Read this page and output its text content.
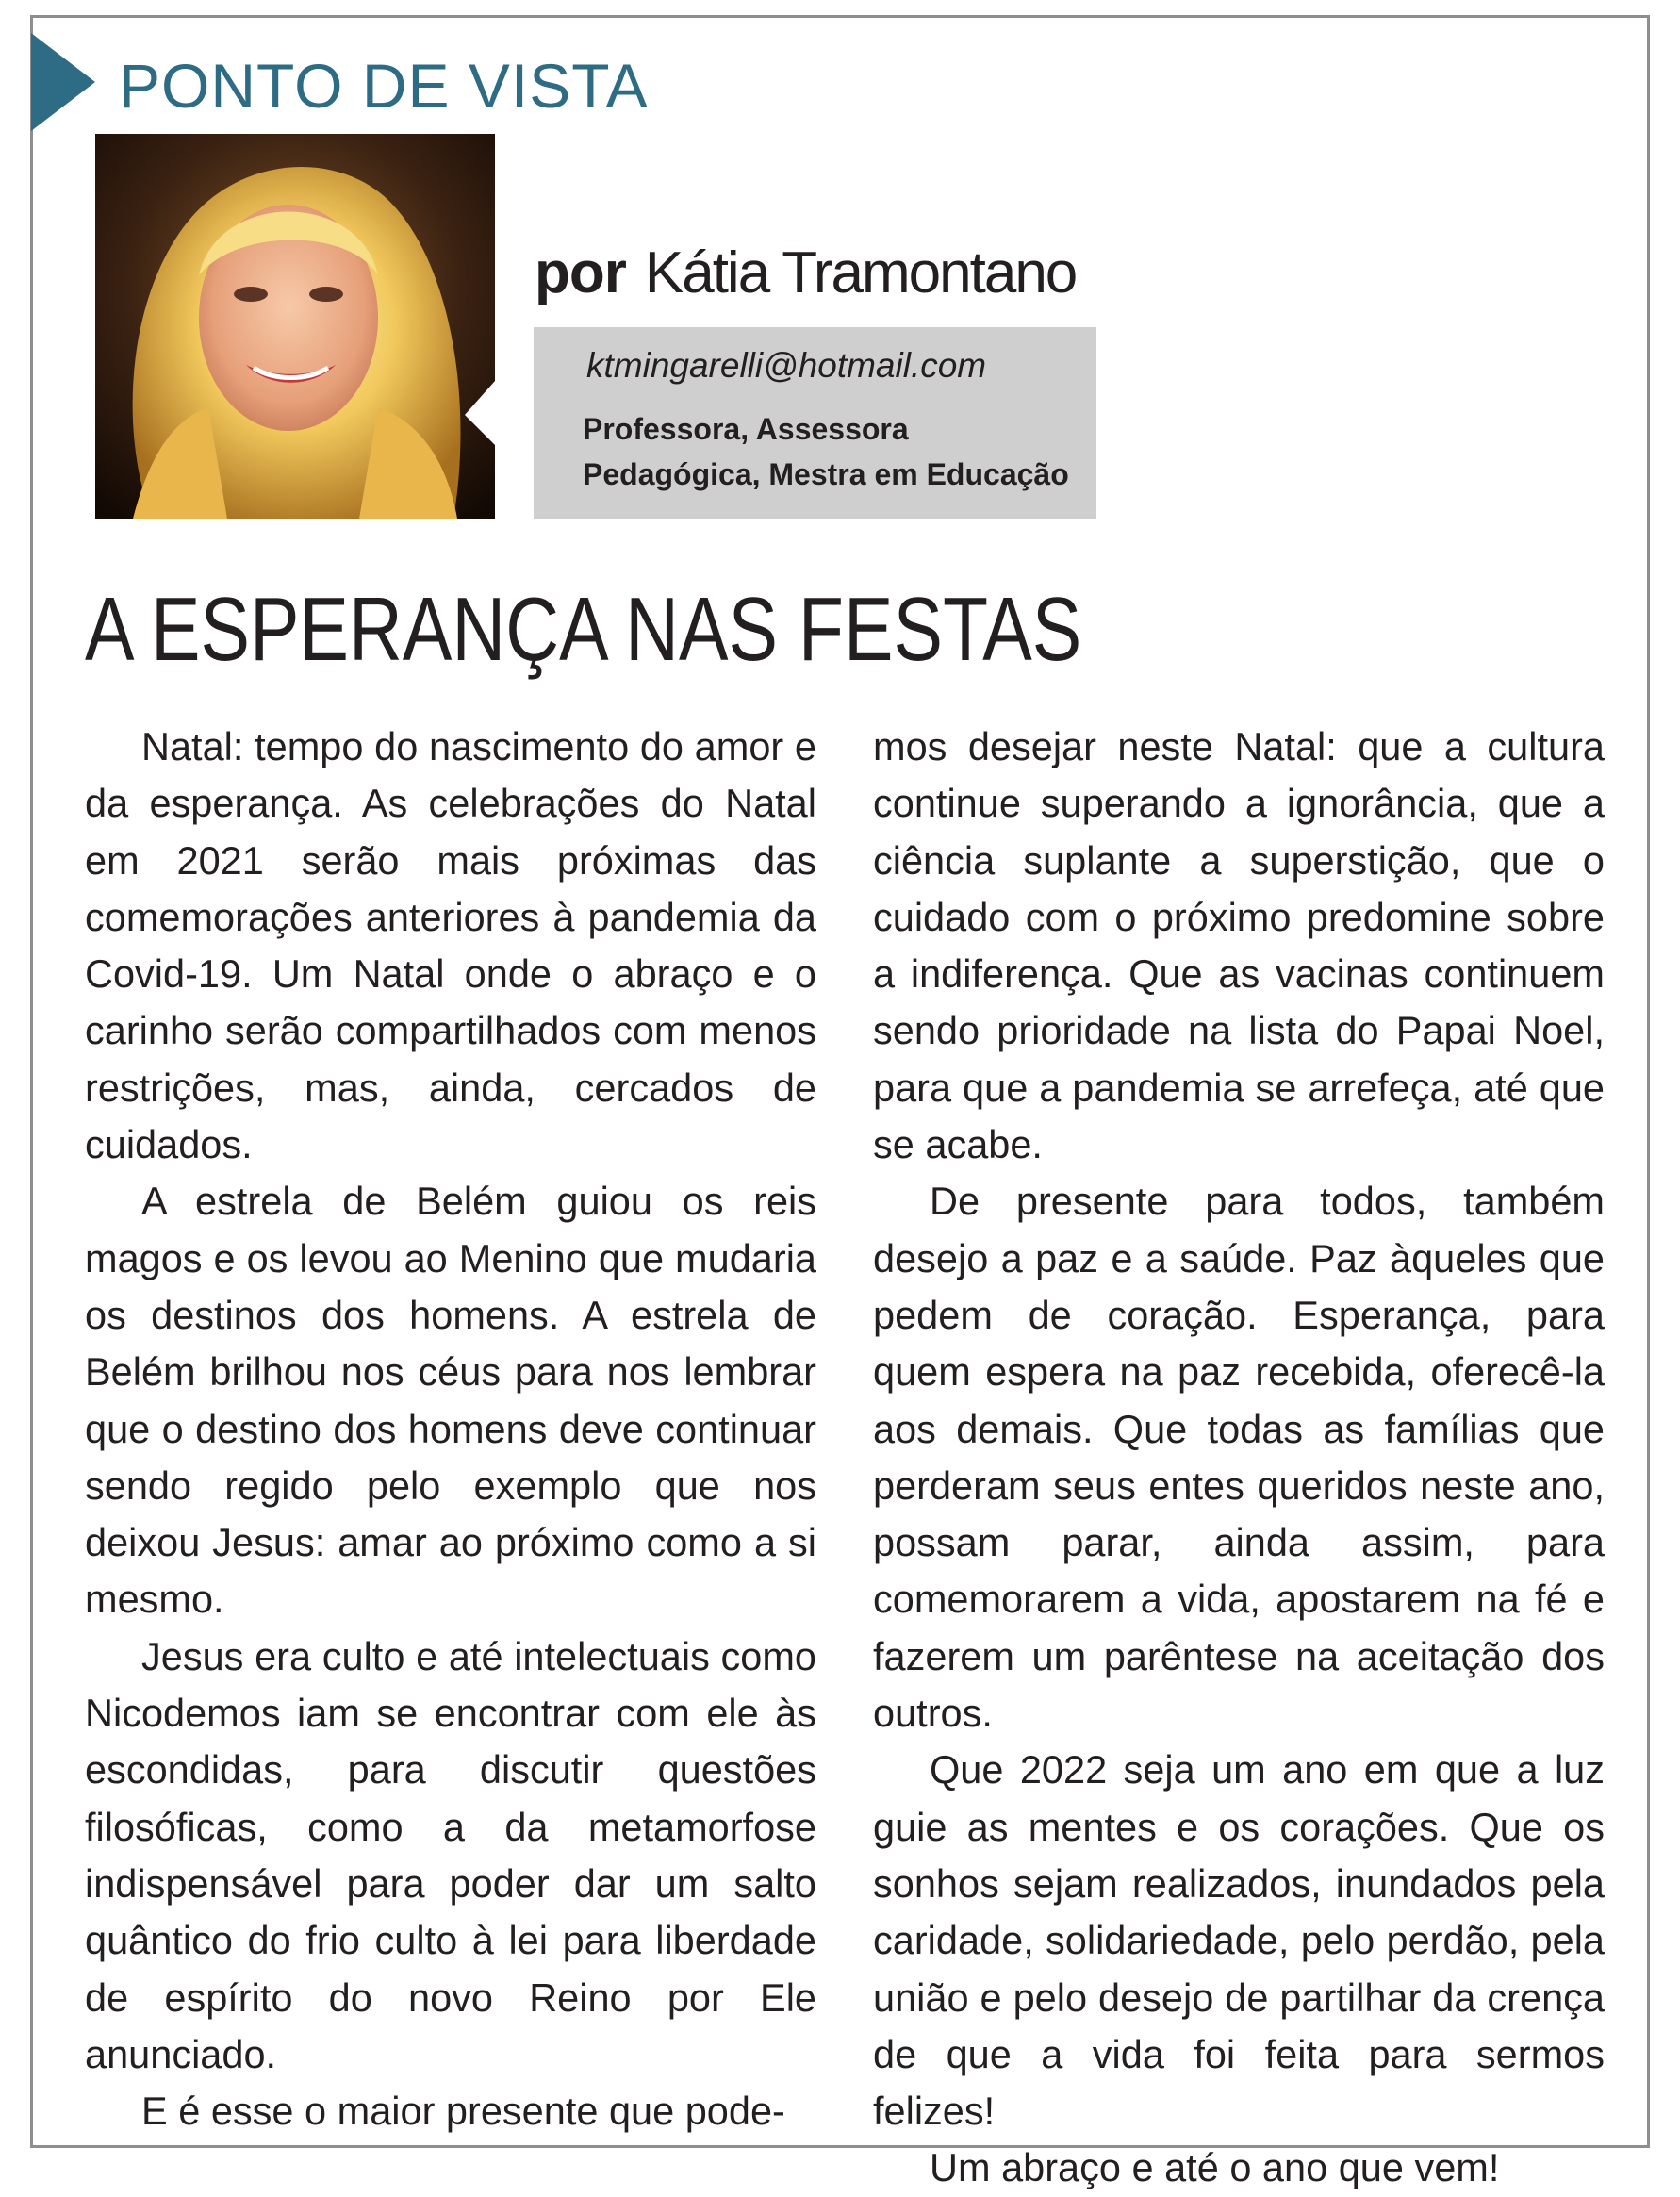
PONTO DE VISTA
por Kátia Tramontano
ktmingarelli@hotmail.com
Professora, Assessora
Pedagógica, Mestra em Educação
A ESPERANÇA NAS FESTAS

Natal: tempo do nascimento do amor e da esperança. As celebrações do Natal em 2021 serão mais próximas das comemorações anteriores à pandemia da Covid-19. Um Natal onde o abraço e o carinho serão compartilhados com menos restrições, mas, ainda, cercados de cuidados.

A estrela de Belém guiou os reis magos e os levou ao Menino que mudaria os destinos dos homens. A estrela de Belém brilhou nos céus para nos lembrar que o destino dos homens deve continuar sendo regido pelo exemplo que nos deixou Jesus: amar ao próximo como a si mesmo.

Jesus era culto e até intelectuais como Nicodemos iam se encontrar com ele às escondidas, para discutir questões filosóficas, como a da metamorfose indispensável para poder dar um salto quântico do frio culto à lei para liberdade de espírito do novo Reino por Ele anunciado.

E é esse o maior presente que pode-

mos desejar neste Natal: que a cultura continue superando a ignorância, que a ciência suplante a superstição, que o cuidado com o próximo predomine sobre a indiferença. Que as vacinas continuem sendo prioridade na lista do Papai Noel, para que a pandemia se arrefeça, até que se acabe.

De presente para todos, também desejo a paz e a saúde. Paz àqueles que pedem de coração. Esperança, para quem espera na paz recebida, oferecê-la aos demais. Que todas as famílias que perderam seus entes queridos neste ano, possam parar, ainda assim, para comemorarem a vida, apostarem na fé e fazerem um parêntese na aceitação dos outros.

Que 2022 seja um ano em que a luz guie as mentes e os corações. Que os sonhos sejam realizados, inundados pela caridade, solidariedade, pelo perdão, pela união e pelo desejo de partilhar da crença de que a vida foi feita para sermos felizes!

Um abraço e até o ano que vem!
